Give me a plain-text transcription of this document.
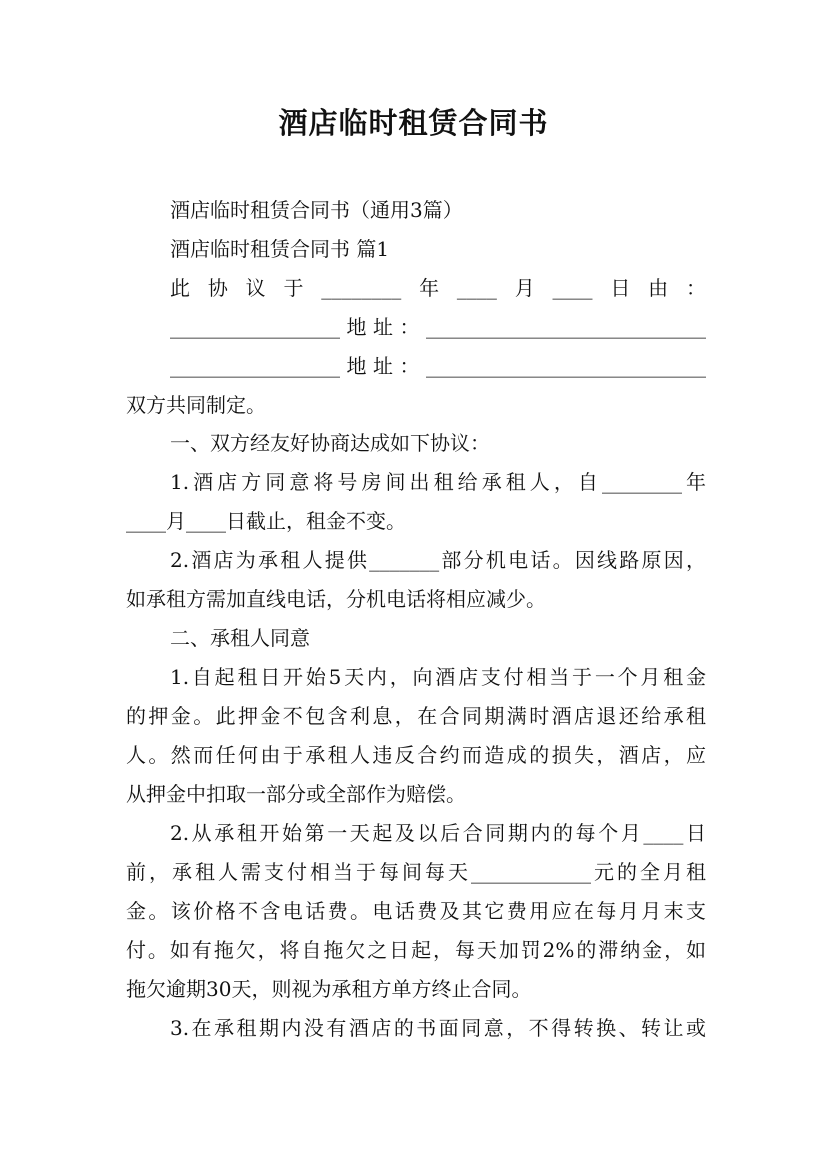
酒店临时租赁合同书
酒店临时租赁合同书（通用3篇）
酒店临时租赁合同书 篇1
此协议于________年____月____日由：
_________________地址：____________________________
_________________地址：____________________________
双方共同制定。
一、双方经友好协商达成如下协议：
1.酒店方同意将号房间出租给承租人，自________年
____月____日截止，租金不变。
2.酒店为承租人提供_______部分机电话。因线路原因，
如承租方需加直线电话，分机电话将相应减少。
二、承租人同意
1.自起租日开始5天内，向酒店支付相当于一个月租金
的押金。此押金不包含利息，在合同期满时酒店退还给承租
人。然而任何由于承租人违反合约而造成的损失，酒店，应
从押金中扣取一部分或全部作为赔偿。
2.从承租开始第一天起及以后合同期内的每个月____日
前，承租人需支付相当于每间每天____________元的全月租
金。该价格不含电话费。电话费及其它费用应在每月月末支
付。如有拖欠，将自拖欠之日起，每天加罚2%的滞纳金，如
拖欠逾期30天，则视为承租方单方终止合同。
3.在承租期内没有酒店的书面同意，不得转换、转让或
